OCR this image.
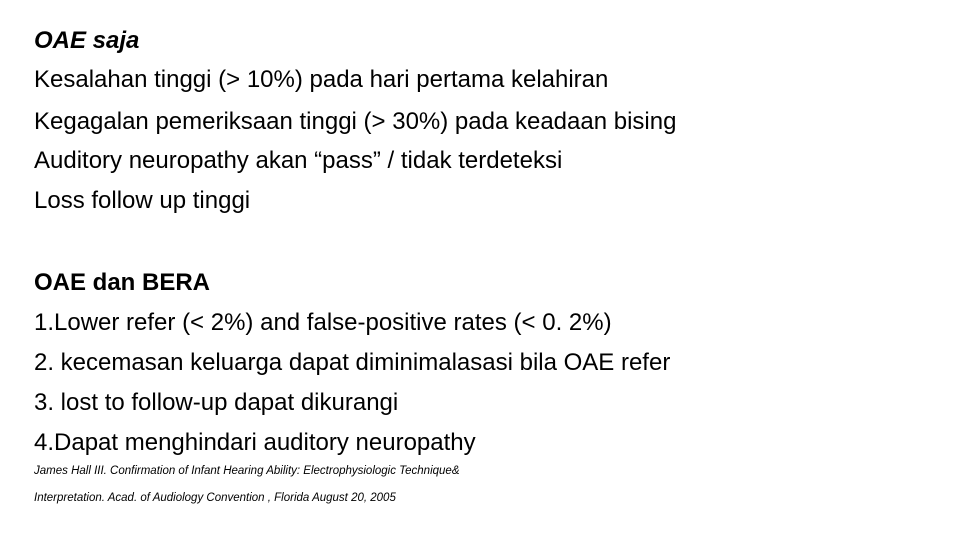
OAE saja
Kesalahan tinggi (> 10%) pada hari pertama kelahiran
Kegagalan pemeriksaan tinggi (> 30%) pada keadaan bising
Auditory neuropathy akan “pass” / tidak terdeteksi
Loss follow up tinggi
OAE dan BERA
1.Lower refer (< 2%) and false-positive rates (< 0. 2%)
2. kecemasan keluarga dapat diminimalasasi bila OAE refer
3. lost to follow-up dapat dikurangi
4.Dapat menghindari auditory neuropathy
James Hall III. Confirmation of Infant Hearing Ability: Electrophysiologic Technique&
Interpretation. Acad. of Audiology Convention , Florida August 20, 2005
